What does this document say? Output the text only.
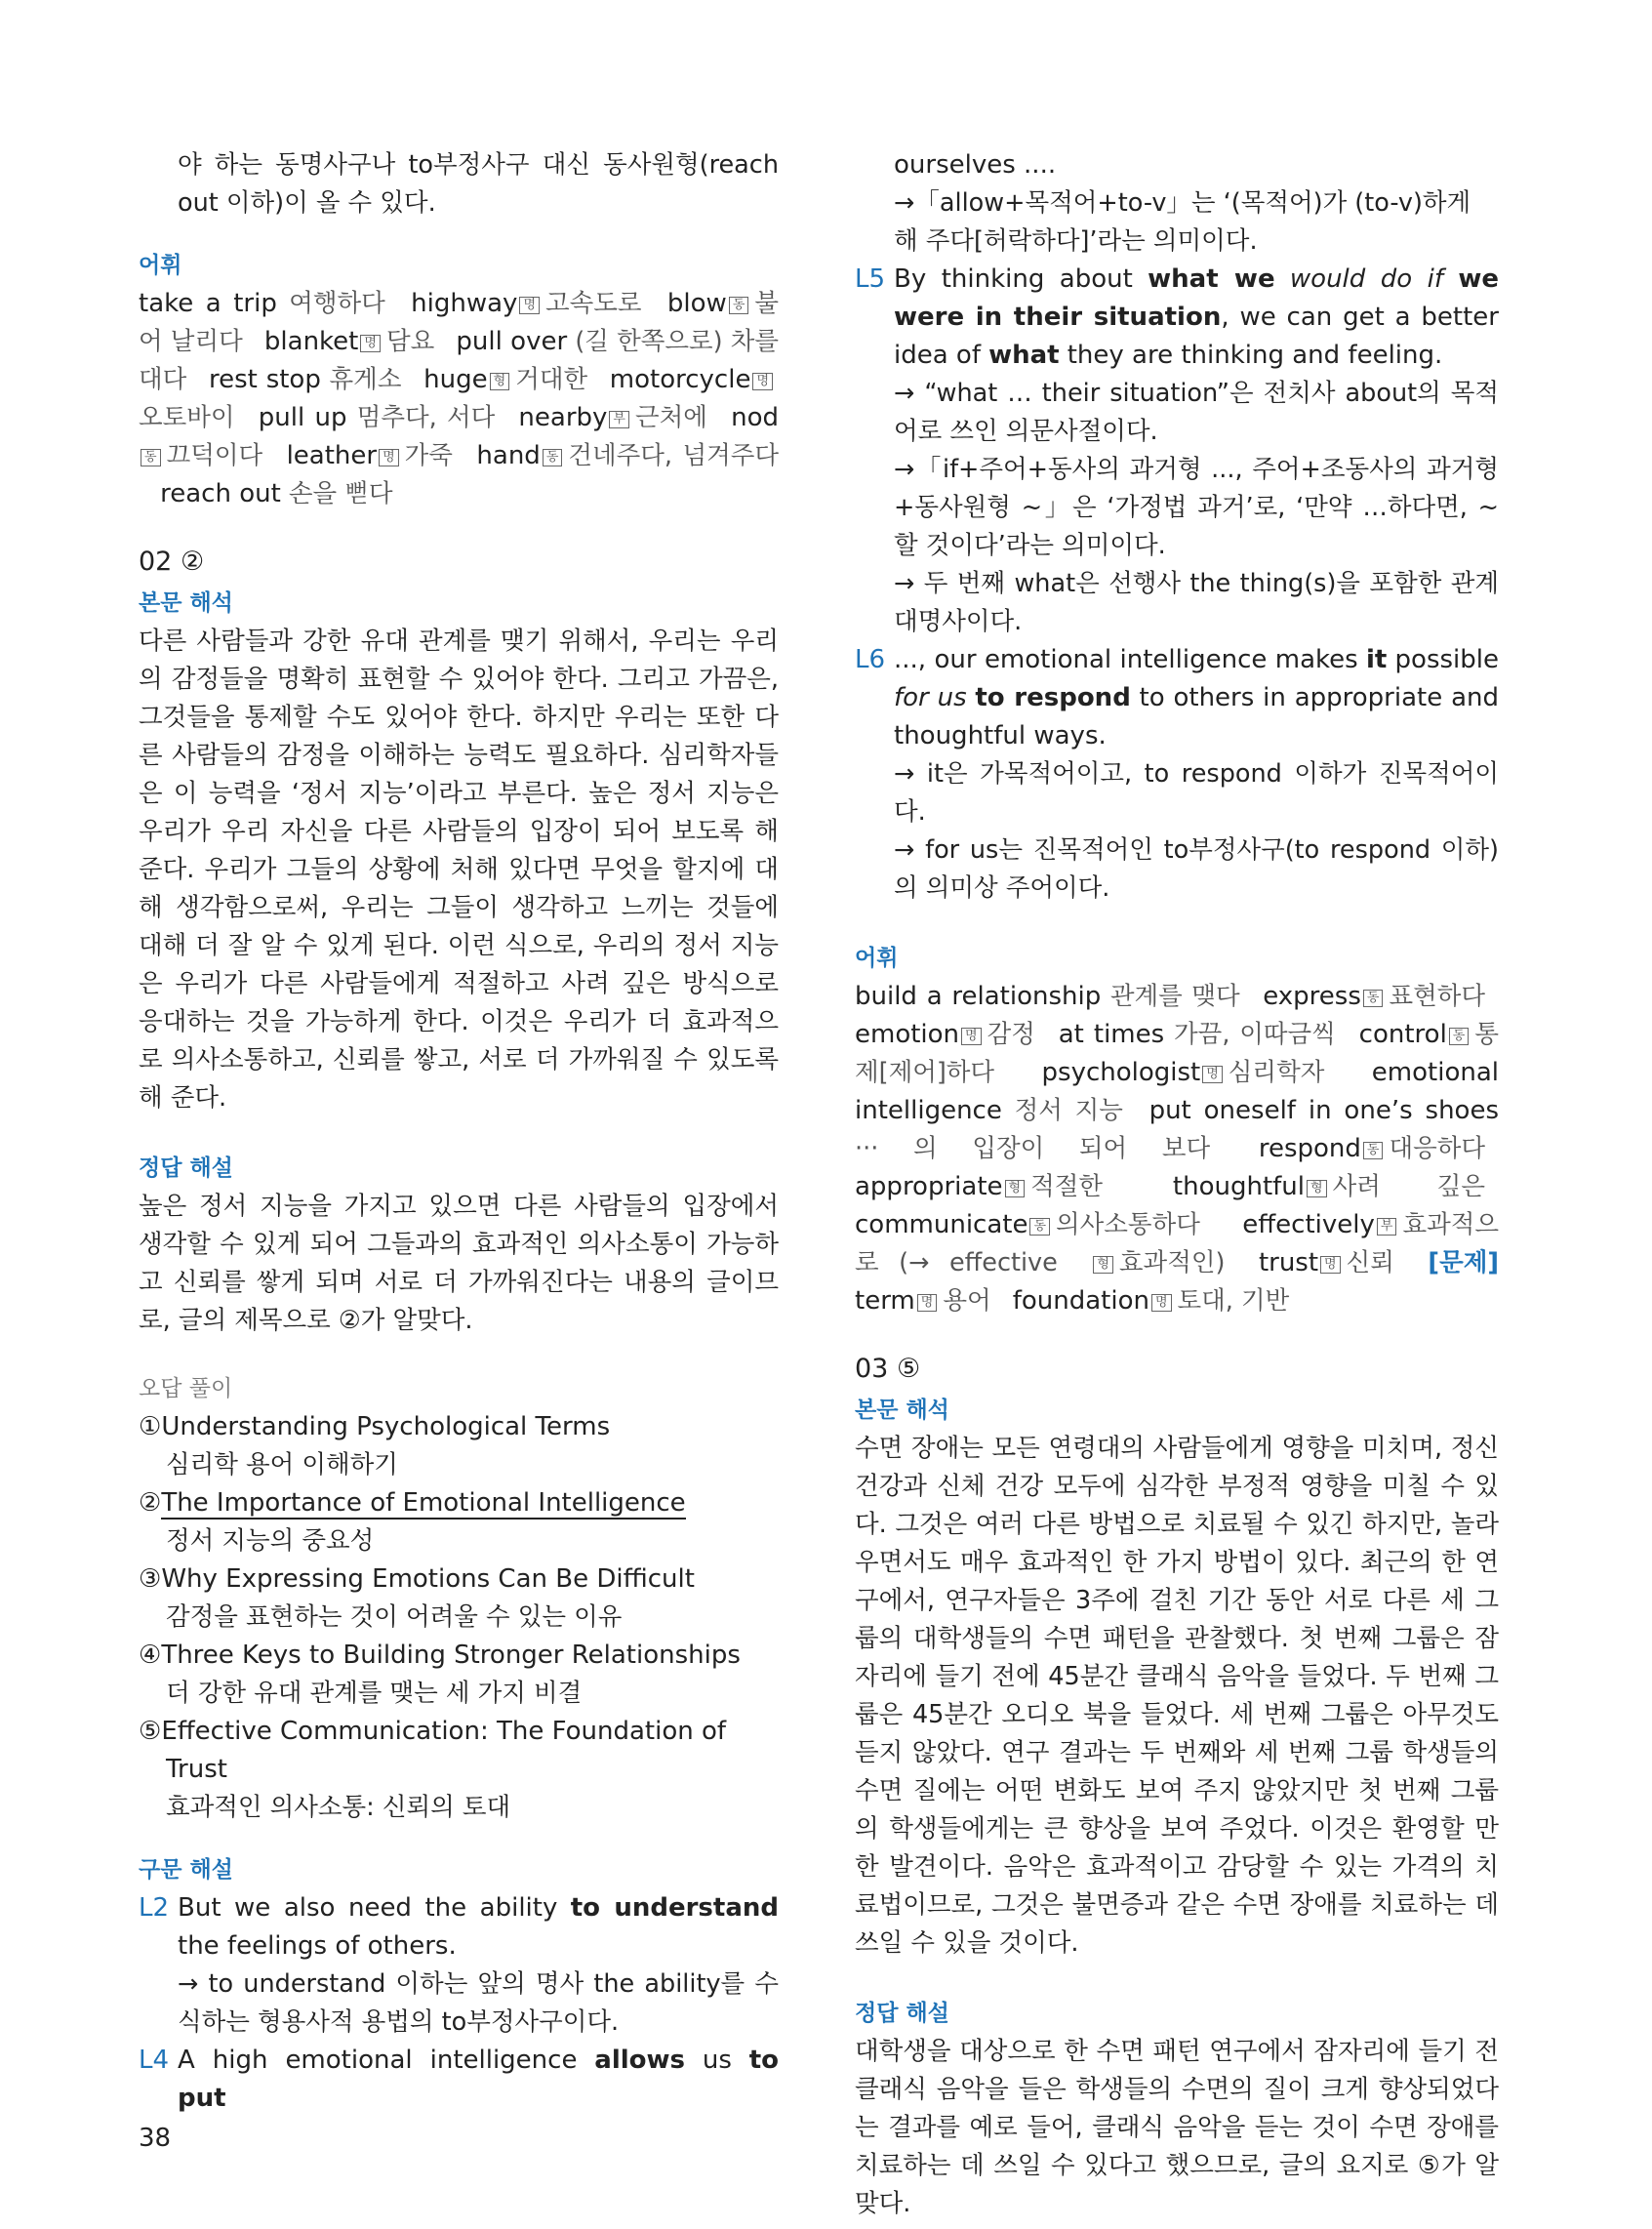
야 하는 동명사구나 to부정사구 대신 동사원형(reach out 이하)이 올 수 있다.

어휘

take a trip 여행하다 highway 명 고속도로 blow 동 불어 날리다 blanket 명 담요 pull over (길 한쪽으로) 차를 대다 rest stop 휴게소 huge 형 거대한 motorcycle 명오토바이 pull up 멈추다, 서다 nearby 부 근처에 nod동 끄덕이다 leather 명 가죽 hand 동 건네주다, 넘겨주다 reach out 손을 뻗다

02 ②
본문 해석

다른 사람들과 강한 유대 관계를 맺기 위해서, 우리는 우리의 감정들을 명확히 표현할 수 있어야 한다. 그리고 가끔은, 그것들을 통제할 수도 있어야 한다. 하지만 우리는 또한 다른 사람들의 감정을 이해하는 능력도 필요하다. 심리학자들은 이 능력을 ‘정서 지능’이라고 부른다. 높은 정서 지능은 우리가 우리 자신을 다른 사람들의 입장이 되어 보도록 해 준다. 우리가 그들의 상황에 처해 있다면 무엇을 할지에 대해 생각함으로써, 우리는 그들이 생각하고 느끼는 것들에 대해 더 잘 알 수 있게 된다. 이런 식으로, 우리의 정서 지능은 우리가 다른 사람들에게 적절하고 사려 깊은 방식으로 응대하는 것을 가능하게 한다. 이것은 우리가 더 효과적으로 의사소통하고, 신뢰를 쌓고, 서로 더 가까워질 수 있도록 해 준다.

정답 해설

높은 정서 지능을 가지고 있으면 다른 사람들의 입장에서 생각할 수 있게 되어 그들과의 효과적인 의사소통이 가능하고 신뢰를 쌓게 되며 서로 더 가까워진다는 내용의 글이므로, 글의 제목으로 ②가 알맞다.

오답 풀이
①Understanding Psychological Terms
심리학 용어 이해하기
②The Importance of Emotional Intelligence
정서 지능의 중요성
③Why Expressing Emotions Can Be Difficult
감정을 표현하는 것이 어려울 수 있는 이유
④Three Keys to Building Stronger Relationships
더 강한 유대 관계를 맺는 세 가지 비결
⑤Effective Communication: The Foundation of Trust
효과적인 의사소통: 신뢰의 토대
구문 해설
L2 But we also need the ability to understand the feelings of others.
→ to understand 이하는 앞의 명사 the ability를 수식하는 형용사적 용법의 to부정사구이다.
L4 A high emotional intelligence allows us to put
ourselves ....
→「allow+목적어+to-v」는 ‘(목적어)가 (to-v)하게 해 주다[허락하다]’라는 의미이다.
L5 By thinking about what we would do if we were in their situation, we can get a better idea of what they are thinking and feeling.
→ “what … their situation”은 전치사 about의 목적어로 쓰인 의문사절이다.
→「if+주어+동사의 과거형 ..., 주어+조동사의 과거형+동사원형 ~」은 ‘가정법 과거’로, ‘만약 …하다면, ~할 것이다’라는 의미이다.
→ 두 번째 what은 선행사 the thing(s)을 포함한 관계대명사이다.
L6 ..., our emotional intelligence makes it possible for us to respond to others in appropriate and thoughtful ways.
→ it은 가목적어이고, to respond 이하가 진목적어이다.
→ for us는 진목적어인 to부정사구(to respond 이하)의 의미상 주어이다.
어휘

build a relationship 관계를 맺다 express 동 표현하다 emotion 명 감정 at times 가끔, 이따금씩 control 동 통제[제어]하다 psychologist 명 심리학자 emotional intelligence 정서 지능 put oneself in one’s shoes ··· 의 입장이 되어 보다 respond 동 대응하다 appropriate 형 적절한	thoughtful 형 사려 깊은 communicate 동 의사소통하다 effectively 부 효과적으로 (→ effective	형 효과적인) trust 명 신뢰 [문제] term 명 용어 foundation 명 토대, 기반

03 ⑤
본문 해석

수면 장애는 모든 연령대의 사람들에게 영향을 미치며, 정신 건강과 신체 건강 모두에 심각한 부정적 영향을 미칠 수 있다. 그것은 여러 다른 방법으로 치료될 수 있긴 하지만, 놀라우면서도 매우 효과적인 한 가지 방법이 있다. 최근의 한 연구에서, 연구자들은 3주에 걸친 기간 동안 서로 다른 세 그룹의 대학생들의 수면 패턴을 관찰했다. 첫 번째 그룹은 잠자리에 들기 전에 45분간 클래식 음악을 들었다. 두 번째 그룹은 45분간 오디오 북을 들었다. 세 번째 그룹은 아무것도 듣지 않았다. 연구 결과는 두 번째와 세 번째 그룹 학생들의 수면 질에는 어떤 변화도 보여 주지 않았지만 첫 번째 그룹의 학생들에게는 큰 향상을 보여 주었다. 이것은 환영할 만한 발견이다. 음악은 효과적이고 감당할 수 있는 가격의 치료법이므로, 그것은 불면증과 같은 수면 장애를 치료하는 데 쓰일 수 있을 것이다.

정답 해설

대학생을 대상으로 한 수면 패턴 연구에서 잠자리에 들기 전 클래식 음악을 들은 학생들의 수면의 질이 크게 향상되었다는 결과를 예로 들어, 클래식 음악을 듣는 것이 수면 장애를 치료하는 데 쓰일 수 있다고 했으므로, 글의 요지로 ⑤가 알맞다.

38
